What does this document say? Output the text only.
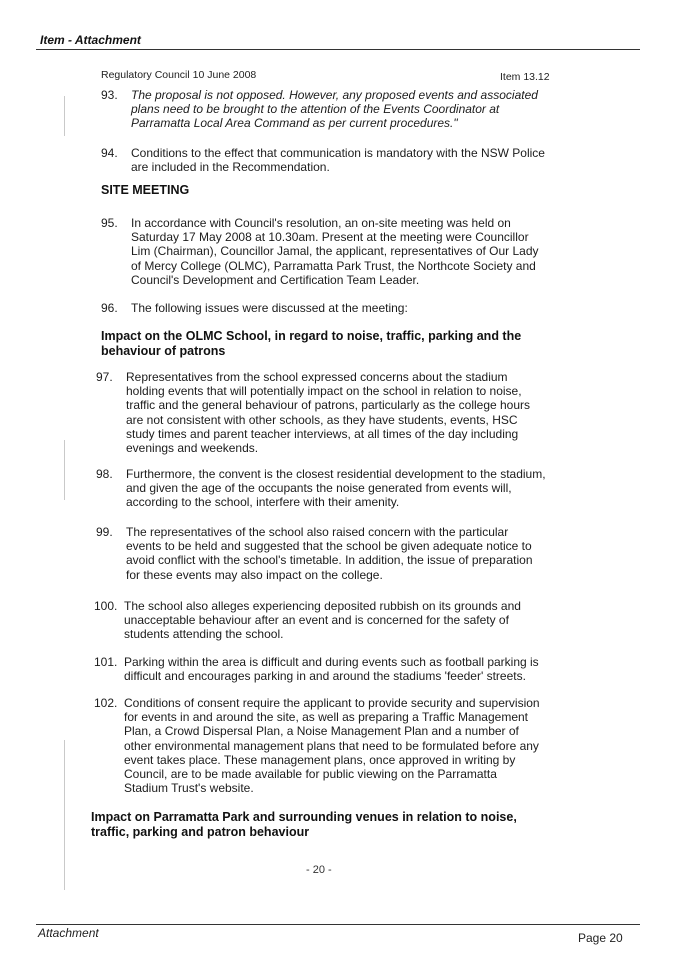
Item - Attachment
Regulatory Council 10 June 2008	Item 13.12
93. The proposal is not opposed. However, any proposed events and associated plans need to be brought to the attention of the Events Coordinator at Parramatta Local Area Command as per current procedures."
94. Conditions to the effect that communication is mandatory with the NSW Police are included in the Recommendation.
SITE MEETING
95. In accordance with Council's resolution, an on-site meeting was held on Saturday 17 May 2008 at 10.30am. Present at the meeting were Councillor Lim (Chairman), Councillor Jamal, the applicant, representatives of Our Lady of Mercy College (OLMC), Parramatta Park Trust, the Northcote Society and Council's Development and Certification Team Leader.
96. The following issues were discussed at the meeting:
Impact on the OLMC School, in regard to noise, traffic, parking and the behaviour of patrons
97. Representatives from the school expressed concerns about the stadium holding events that will potentially impact on the school in relation to noise, traffic and the general behaviour of patrons, particularly as the college hours are not consistent with other schools, as they have students, events, HSC study times and parent teacher interviews, at all times of the day including evenings and weekends.
98. Furthermore, the convent is the closest residential development to the stadium, and given the age of the occupants the noise generated from events will, according to the school, interfere with their amenity.
99. The representatives of the school also raised concern with the particular events to be held and suggested that the school be given adequate notice to avoid conflict with the school's timetable. In addition, the issue of preparation for these events may also impact on the college.
100. The school also alleges experiencing deposited rubbish on its grounds and unacceptable behaviour after an event and is concerned for the safety of students attending the school.
101. Parking within the area is difficult and during events such as football parking is difficult and encourages parking in and around the stadiums 'feeder' streets.
102. Conditions of consent require the applicant to provide security and supervision for events in and around the site, as well as preparing a Traffic Management Plan, a Crowd Dispersal Plan, a Noise Management Plan and a number of other environmental management plans that need to be formulated before any event takes place. These management plans, once approved in writing by Council, are to be made available for public viewing on the Parramatta Stadium Trust's website.
Impact on Parramatta Park and surrounding venues in relation to noise, traffic, parking and patron behaviour
- 20 -
Attachment	Page 20
